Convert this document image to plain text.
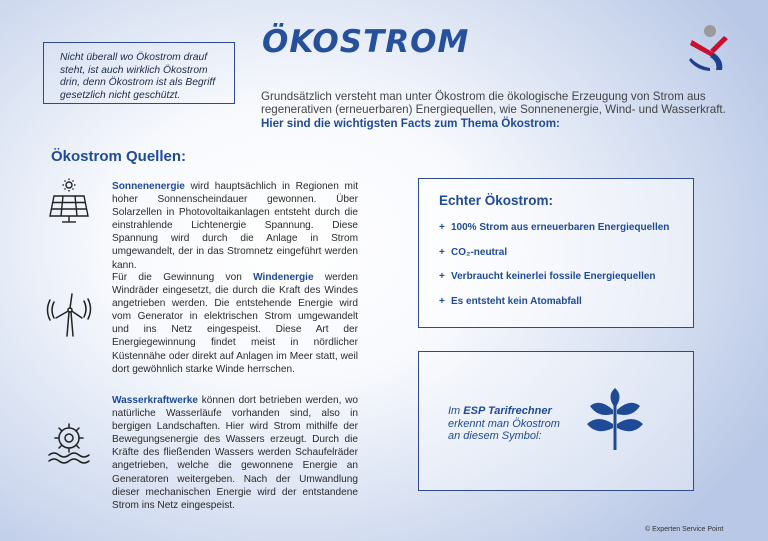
Nicht überall wo Ökostrom drauf steht, ist auch wirklich Ökostrom drin, denn Ökostrom ist als Begriff gesetzlich nicht geschützt.
ÖKOSTROM
Grundsätzlich versteht man unter Ökostrom die ökologische Erzeugung von Strom aus regenerativen (erneuerbaren) Energiequellen, wie Sonnenenergie, Wind- und Wasserkraft.
Hier sind die wichtigsten Facts zum Thema Ökostrom:
Ökostrom Quellen:
Sonnenenergie wird hauptsächlich in Regionen mit hoher Sonnenscheindauer gewonnen. Über Solarzellen in Photovoltaikanlagen entsteht durch die einstrahlende Lichtenergie Spannung. Diese Spannung wird durch die Anlage in Strom umgewandelt, der in das Stromnetz eingeführt werden kann.
Für die Gewinnung von Windenergie werden Windräder eingesetzt, die durch die Kraft des Windes angetrieben werden. Die entstehende Energie wird vom Generator in elektrischen Strom umgewandelt und ins Netz eingespeist. Diese Art der Energiegewinnung findet meist in nördlicher Küstennähe oder direkt auf Anlagen im Meer statt, weil dort gewöhnlich starke Winde herrschen.
Wasserkraftwerke können dort betrieben werden, wo natürliche Wasserläufe vorhanden sind, also in bergigen Landschaften. Hier wird Strom mithilfe der Bewegungsenergie des Wassers erzeugt. Durch die Kräfte des fließenden Wassers werden Schaufelräder angetrieben, welche die gewonnene Energie an Generatoren weitergeben. Nach der Umwandlung dieser mechanischen Energie wird der entstandene Strom ins Netz eingespeist.
Echter Ökostrom:
+ 100% Strom aus erneuerbaren Energiequellen
+ CO₂-neutral
+ Verbraucht keinerlei fossile Energiequellen
+ Es entsteht kein Atomabfall
Im ESP Tarifrechner erkennt man Ökostrom an diesem Symbol:
© Experten Service Point
